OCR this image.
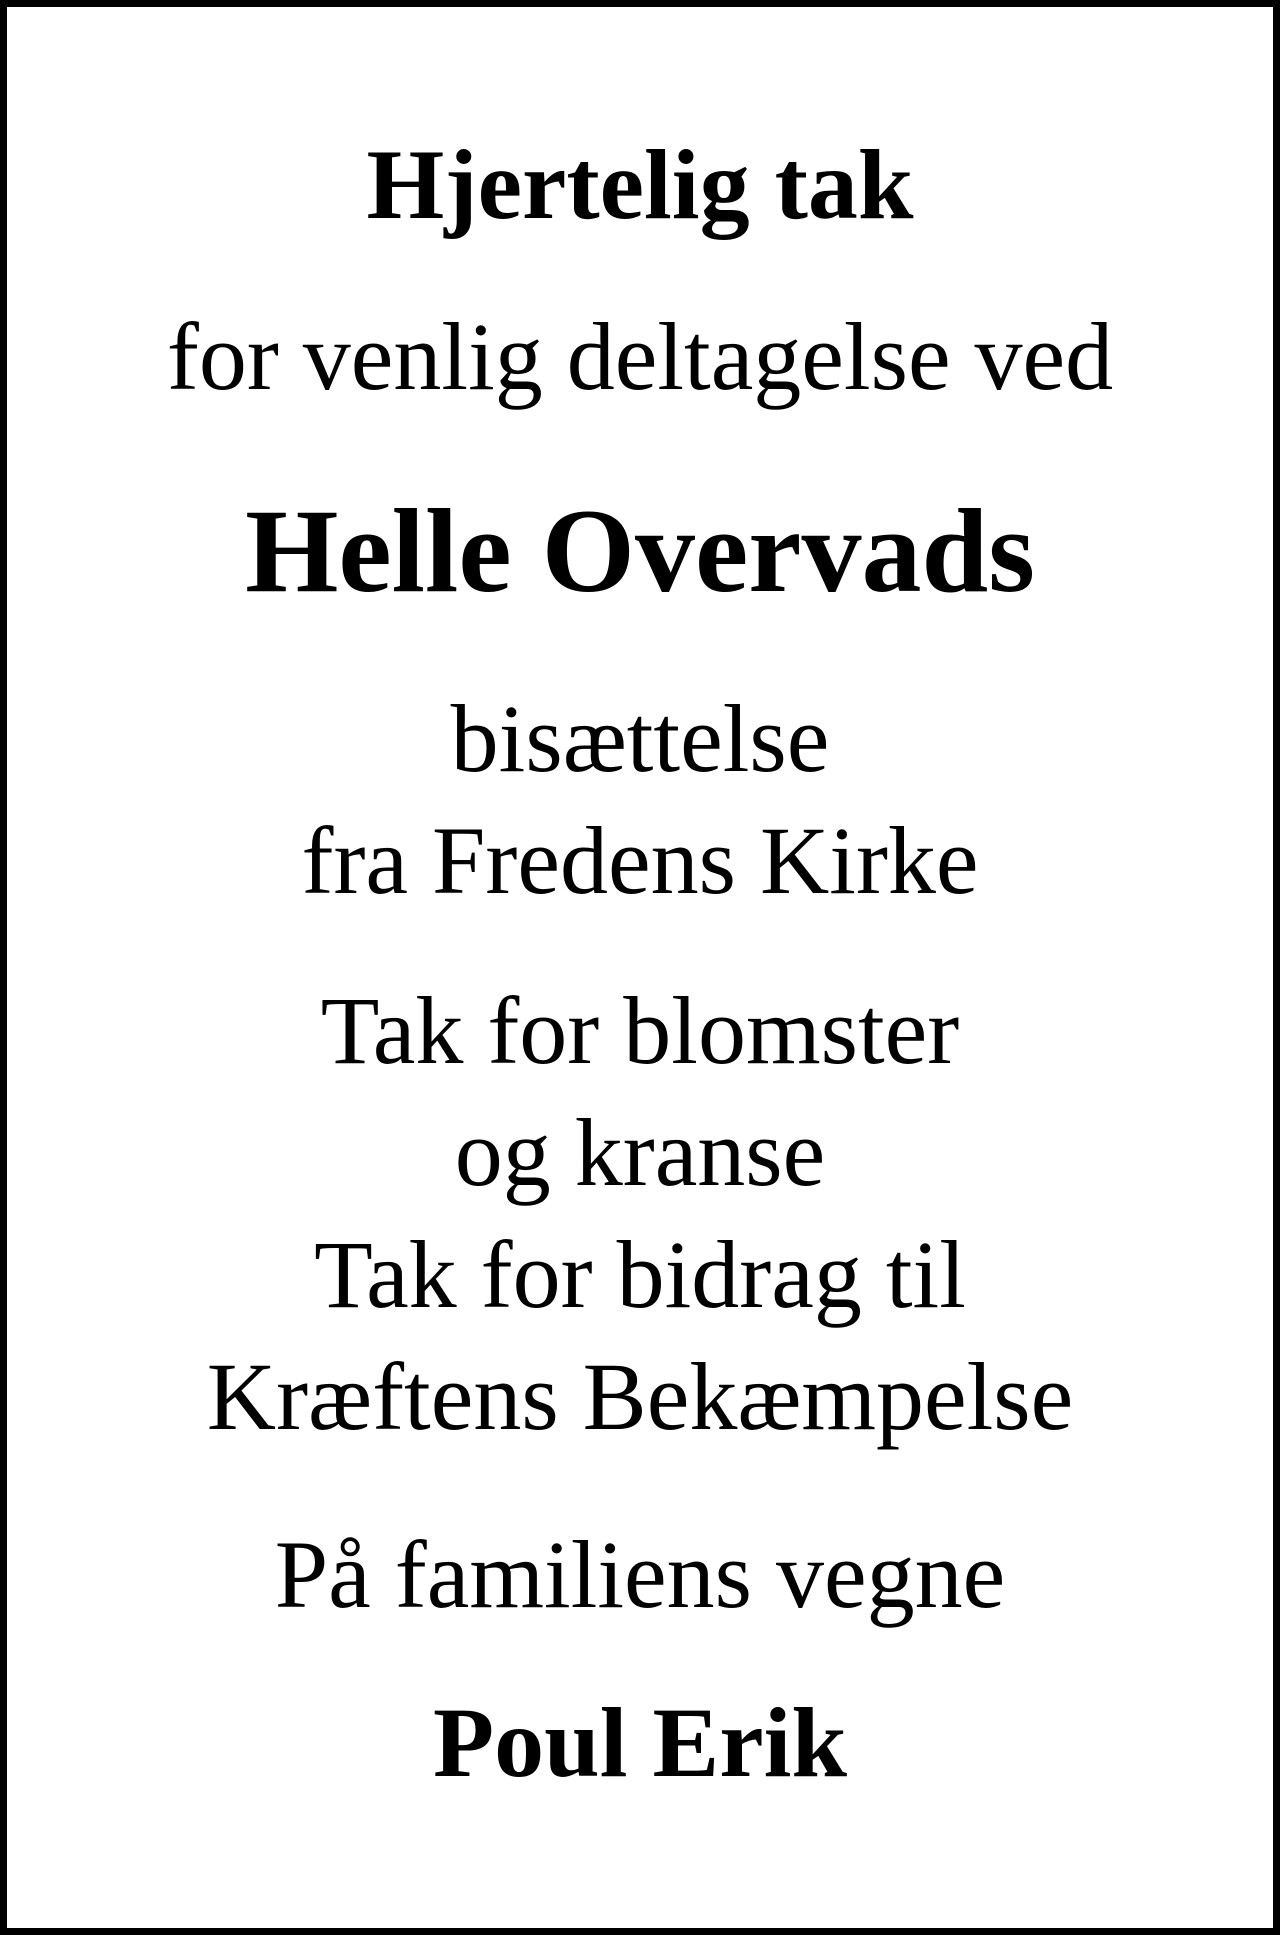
Hjertelig tak
for venlig deltagelse ved
Helle Overvads
bisættelse
fra Fredens Kirke
Tak for blomster
og kranse
Tak for bidrag til
Kræftens Bekæmpelse
På familiens vegne
Poul Erik
